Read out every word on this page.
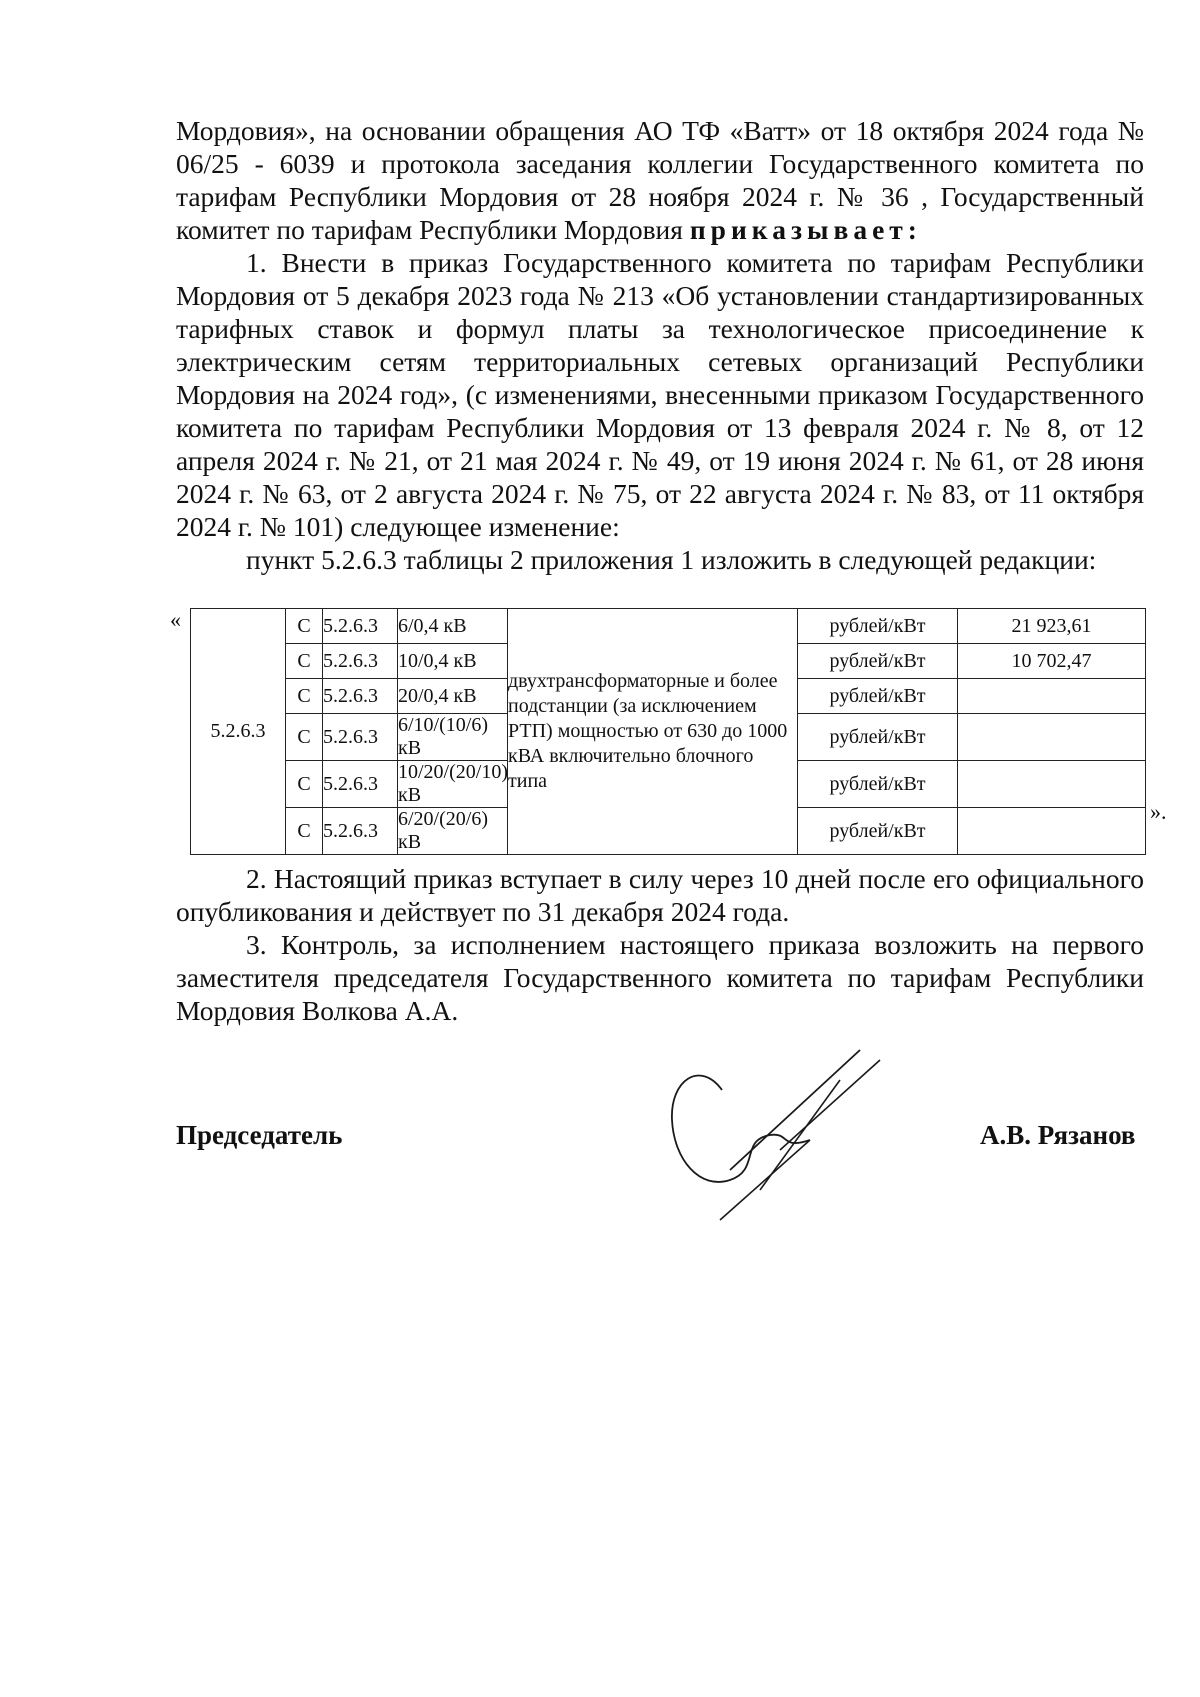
Мордовия», на основании обращения АО ТФ «Ватт» от 18 октября 2024 года № 06/25 - 6039 и протокола заседания коллегии Государственного комитета по тарифам Республики Мордовия от 28 ноября 2024 г. № 36 , Государственный комитет по тарифам Республики Мордовия приказывает:

1. Внести в приказ Государственного комитета по тарифам Республики Мордовия от 5 декабря 2023 года № 213 «Об установлении стандартизированных тарифных ставок и формул платы за технологическое присоединение к электрическим сетям территориальных сетевых организаций Республики Мордовия на 2024 год», (с изменениями, внесенными приказом Государственного комитета по тарифам Республики Мордовия от 13 февраля 2024 г. № 8, от 12 апреля 2024 г. № 21, от 21 мая 2024 г. № 49, от 19 июня 2024 г. № 61, от 28 июня 2024 г. № 63, от 2 августа 2024 г. № 75, от 22 августа 2024 г. № 83, от 11 октября 2024 г. № 101) следующее изменение:

пункт 5.2.6.3 таблицы 2 приложения 1 изложить в следующей редакции:

«
».
5.2.6.3	С	5.2.6.3	6/0,4 кВ	двухтрансформаторные и более подстанции (за исключением РТП) мощностью от 630 до 1000 кВА включительно блочного типа	рублей/кВт	21 923,61
	С	5.2.6.3	10/0,4 кВ		рублей/кВт	10 702,47
	С	5.2.6.3	20/0,4 кВ		рублей/кВт	
	С	5.2.6.3	6/10/(10/6) кВ		рублей/кВт	
	С	5.2.6.3	10/20/(20/10) кВ		рублей/кВт	
	С	5.2.6.3	6/20/(20/6) кВ		рублей/кВт	

2. Настоящий приказ вступает в силу через 10 дней после его официального опубликования и действует по 31 декабря 2024 года.

3. Контроль, за исполнением настоящего приказа возложить на первого заместителя председателя Государственного комитета по тарифам Республики Мордовия Волкова А.А.

Председатель	А.В. Рязанов
